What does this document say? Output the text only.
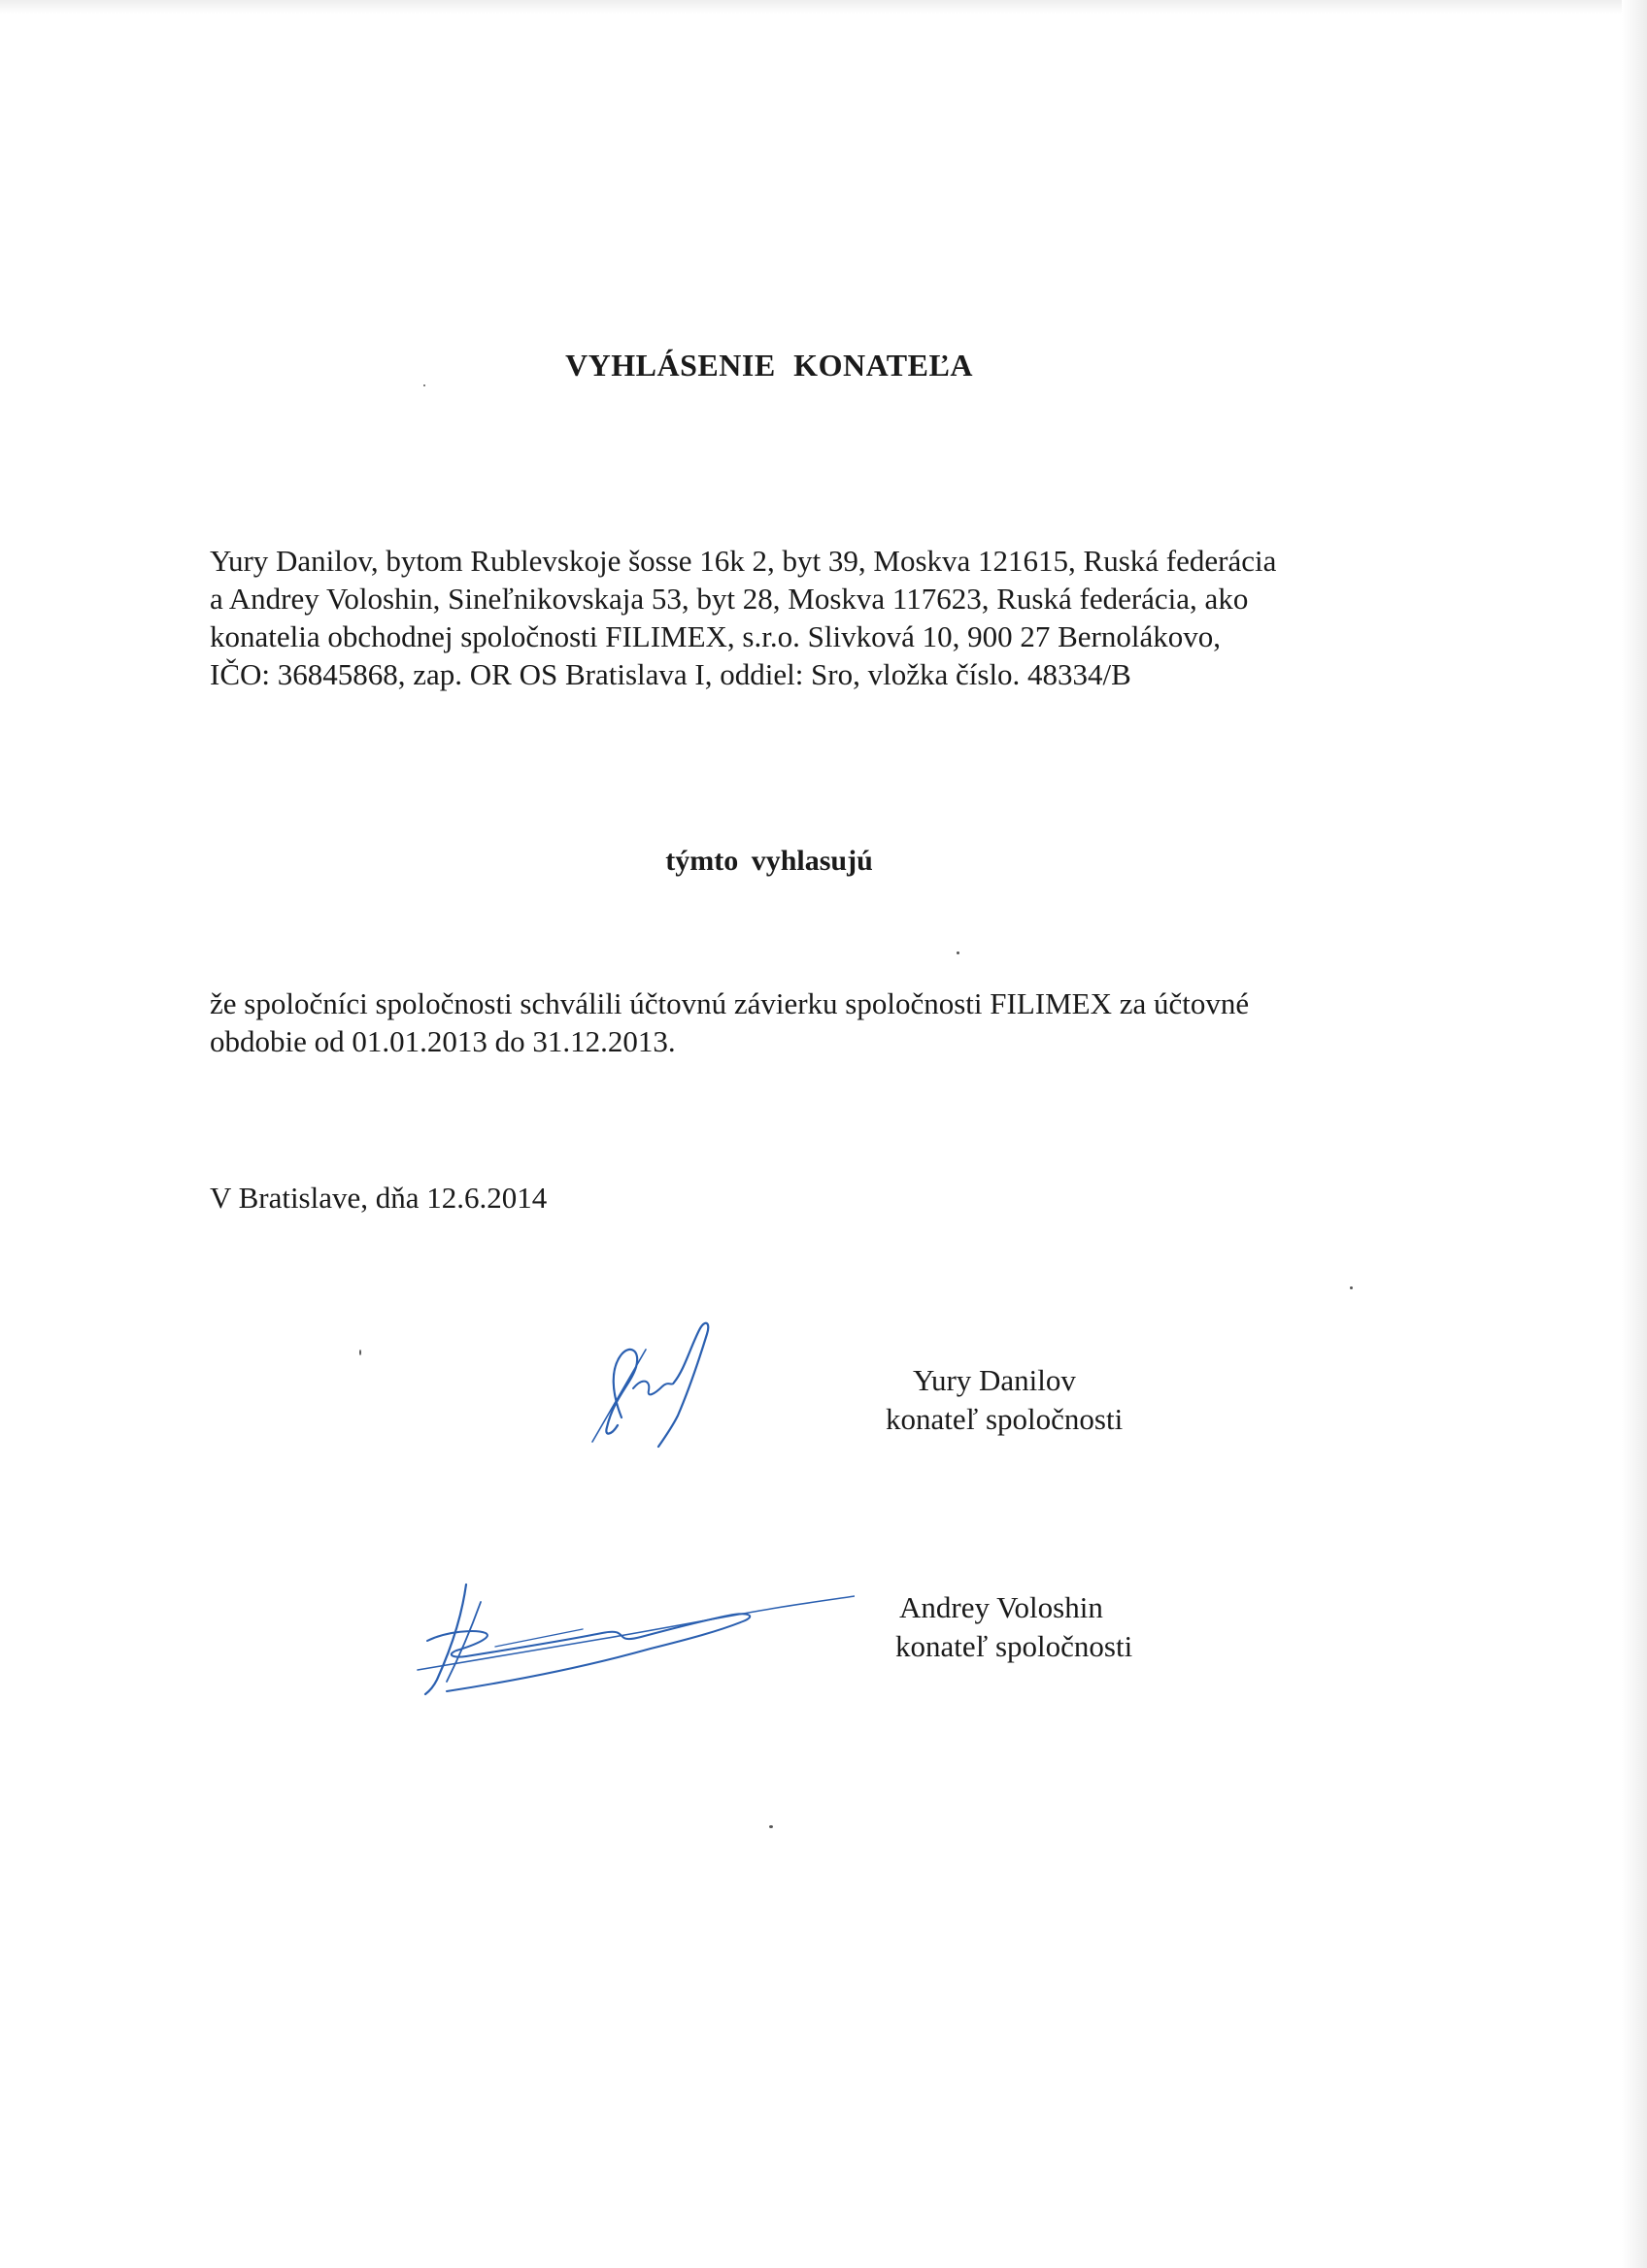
VYHLÁSENIE KONATEĽA
Yury Danilov, bytom Rublevskoje šosse 16k 2, byt 39, Moskva 121615, Ruská federácia
a Andrey Voloshin, Sineľnikovskaja 53, byt 28, Moskva 117623, Ruská federácia, ako
konatelia obchodnej spoločnosti FILIMEX, s.r.o. Slivková 10, 900 27 Bernolákovo,
IČO: 36845868, zap. OR OS Bratislava I, oddiel: Sro, vložka číslo. 48334/B
týmto vyhlasujú
že spoločníci spoločnosti schválili účtovnú závierku spoločnosti FILIMEX za účtovné
obdobie od 01.01.2013 do 31.12.2013.
V Bratislave, dňa 12.6.2014
Yury Danilov
konateľ spoločnosti
Andrey Voloshin
konateľ spoločnosti
